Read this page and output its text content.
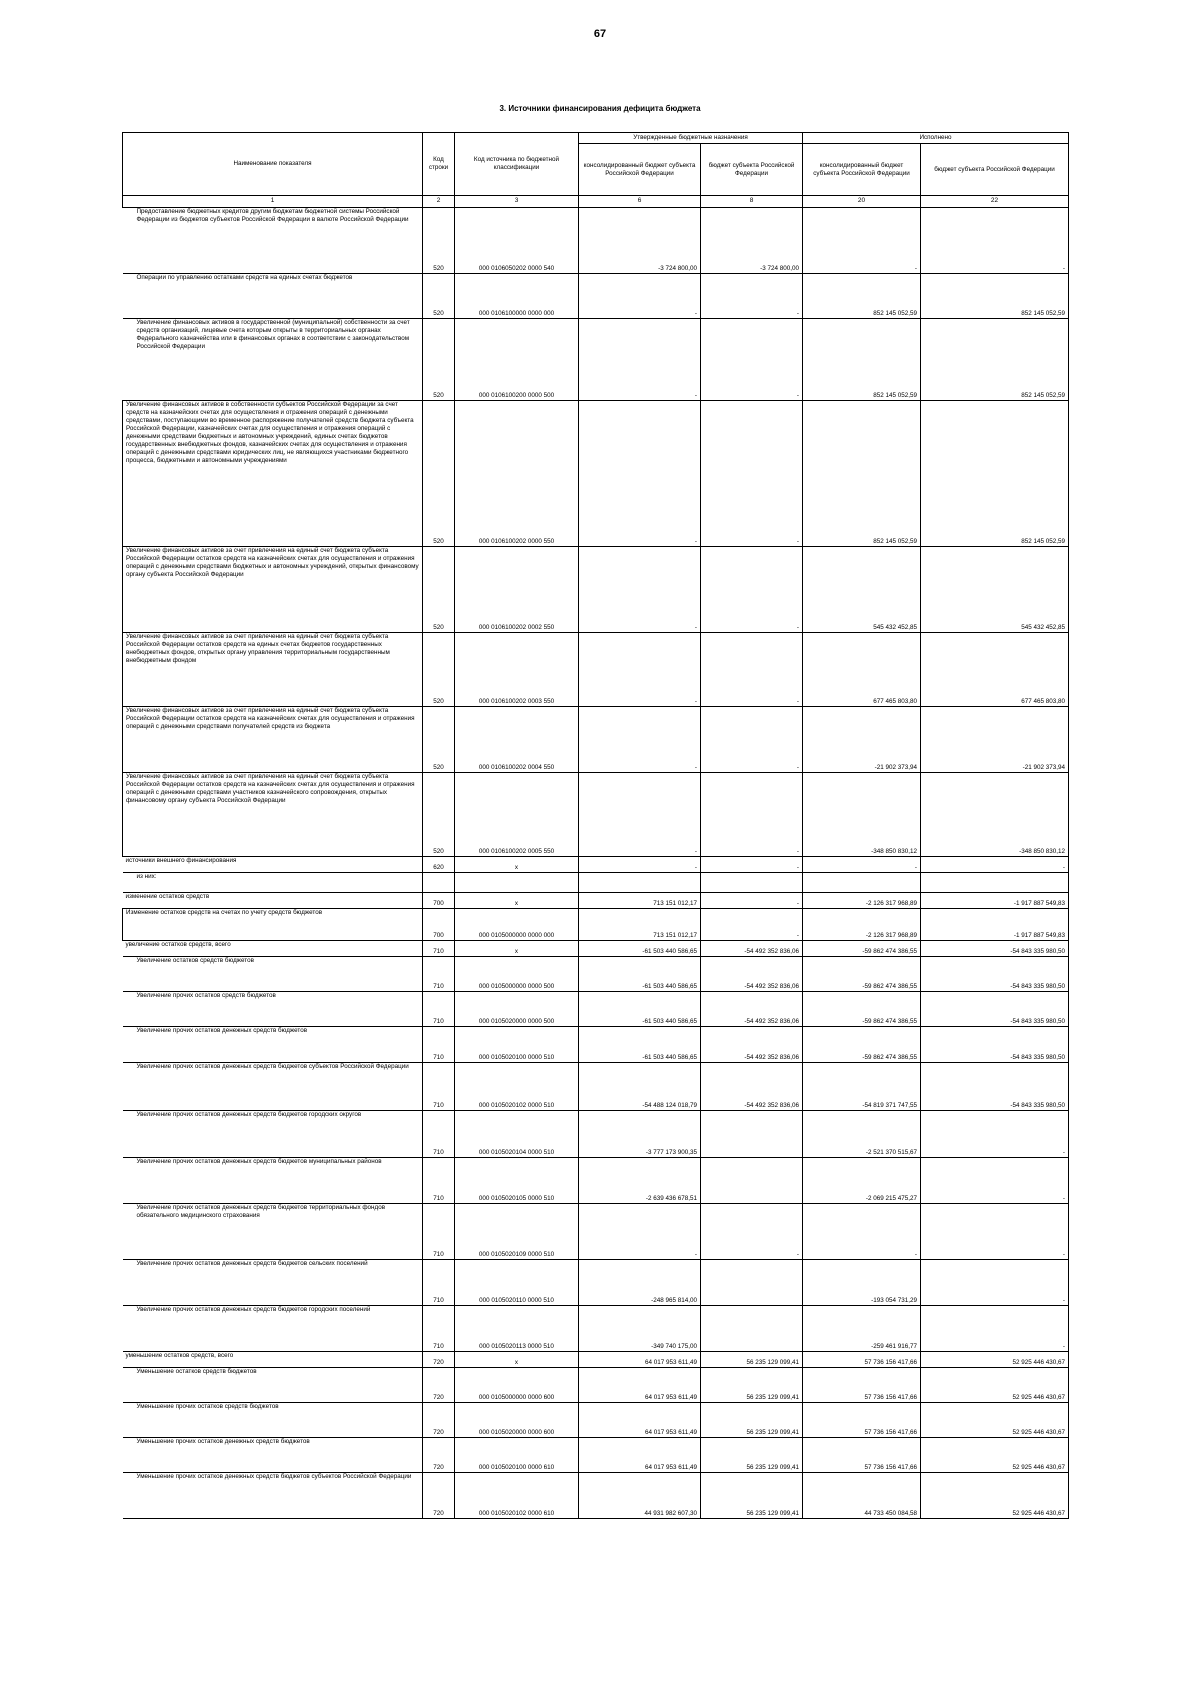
67
3. Источники финансирования дефицита бюджета
Наименование показателя	Код строки	Код источника по бюджетной классификации	Утвержденные бюджетные назначения		Исполнено	
			консолидированный бюджет субъекта Российской Федерации	бюджет субъекта Российской Федерации	консолидированный бюджет субъекта Российской Федерации	бюджет субъекта Российской Федерации
1	2	3	6	8	20	22
Предоставление бюджетных кредитов другим бюджетам бюджетной системы Российской Федерации из бюджетов субъектов Российской Федерации в валюте Российской Федерации	520	000 0106050202 0000 540	-3 724 800,00	-3 724 800,00	-	-
Операции по управлению остатками средств на единых счетах бюджетов	520	000 0106100000 0000 000	-	-	852 145 052,59	852 145 052,59
Увеличение финансовых активов в государственной (муниципальной) собственности за счет средств организаций, лицевые счета которым открыты в территориальных органах Федерального казначейства или в финансовых органах в соответствии с законодательством Российской Федерации	520	000 0106100200 0000 500	-	-	852 145 052,59	852 145 052,59
Увеличение финансовых активов в собственности субъектов Российской Федерации за счет средств на казначейских счетах для осуществления и отражения операций с денежными средствами, поступающими во временное распоряжение получателей средств бюджета субъекта Российской Федерации, казначейских счетах для осуществления и отражения операций с денежными средствами бюджетных и автономных учреждений, единых счетах бюджетов государственных внебюджетных фондов, казначейских счетах для осуществления и отражения операций с денежными средствами юридических лиц, не являющихся участниками бюджетного процесса, бюджетными и автономными учреждениями	520	000 0106100202 0000 550	-	-	852 145 052,59	852 145 052,59
Увеличение финансовых активов за счет привлечения на единый счет бюджета субъекта Российской Федерации остатков средств на казначейских счетах для осуществления и отражения операций с денежными средствами бюджетных и автономных учреждений, открытых финансовому органу субъекта Российской Федерации	520	000 0106100202 0002 550	-	-	545 432 452,85	545 432 452,85
Увеличение финансовых активов за счет привлечения на единый счет бюджета субъекта Российской Федерации остатков средств на единых счетах бюджетов государственных внебюджетных фондов, открытых органу управления территориальным государственным внебюджетным фондом	520	000 0106100202 0003 550	-	-	677 465 803,80	677 465 803,80
Увеличение финансовых активов за счет привлечения на единый счет бюджета субъекта Российской Федерации остатков средств на казначейских счетах для осуществления и отражения операций с денежными средствами получателей средств из бюджета	520	000 0106100202 0004 550	-	-	-21 902 373,94	-21 902 373,94
Увеличение финансовых активов за счет привлечения на единый счет бюджета субъекта Российской Федерации остатков средств на казначейских счетах для осуществления и отражения операций с денежными средствами участников казначейского сопровождения, открытых финансовому органу субъекта Российской Федерации	520	000 0106100202 0005 550	-	-	-348 850 830,12	-348 850 830,12
источники внешнего финансирования	620	x	-	-	-	-
из них:						
изменение остатков средств	700	x	713 151 012,17	-	-2 126 317 968,89	-1 917 887 549,83
Изменение остатков средств на счетах по учету средств бюджетов	700	000 0105000000 0000 000	713 151 012,17	-	-2 126 317 968,89	-1 917 887 549,83
увеличение остатков средств, всего	710	x	-61 503 440 586,65	-54 492 352 836,06	-59 862 474 386,55	-54 843 335 980,50
Увеличение остатков средств бюджетов	710	000 0105000000 0000 500	-61 503 440 586,65	-54 492 352 836,06	-59 862 474 386,55	-54 843 335 980,50
Увеличение прочих остатков средств бюджетов	710	000 0105020000 0000 500	-61 503 440 586,65	-54 492 352 836,06	-59 862 474 386,55	-54 843 335 980,50
Увеличение прочих остатков денежных средств бюджетов	710	000 0105020100 0000 510	-61 503 440 586,65	-54 492 352 836,06	-59 862 474 386,55	-54 843 335 980,50
Увеличение прочих остатков денежных средств бюджетов субъектов Российской Федерации	710	000 0105020102 0000 510	-54 488 124 018,79	-54 492 352 836,06	-54 819 371 747,55	-54 843 335 980,50
Увеличение прочих остатков денежных средств бюджетов городских округов	710	000 0105020104 0000 510	-3 777 173 900,35		-2 521 370 515,67	-
Увеличение прочих остатков денежных средств бюджетов муниципальных районов	710	000 0105020105 0000 510	-2 639 436 678,51		-2 069 215 475,27	-
Увеличение прочих остатков денежных средств бюджетов территориальных фондов обязательного медицинского страхования	710	000 0105020109 0000 510	-	-	-	-
Увеличение прочих остатков денежных средств бюджетов сельских поселений	710	000 0105020110 0000 510	-248 965 814,00		-193 054 731,29	-
Увеличение прочих остатков денежных средств бюджетов городских поселений	710	000 0105020113 0000 510	-349 740 175,00		-259 461 916,77	-
уменьшение остатков средств, всего	720	x	64 017 953 611,49	56 235 129 099,41	57 736 156 417,66	52 925 446 430,67
Уменьшение остатков средств бюджетов	720	000 0105000000 0000 600	64 017 953 611,49	56 235 129 099,41	57 736 156 417,66	52 925 446 430,67
Уменьшение прочих остатков средств бюджетов	720	000 0105020000 0000 600	64 017 953 611,49	56 235 129 099,41	57 736 156 417,66	52 925 446 430,67
Уменьшение прочих остатков денежных средств бюджетов	720	000 0105020100 0000 610	64 017 953 611,49	56 235 129 099,41	57 736 156 417,66	52 925 446 430,67
Уменьшение прочих остатков денежных средств бюджетов субъектов Российской Федерации	720	000 0105020102 0000 610	44 931 982 607,30	56 235 129 099,41	44 733 450 084,58	52 925 446 430,67
